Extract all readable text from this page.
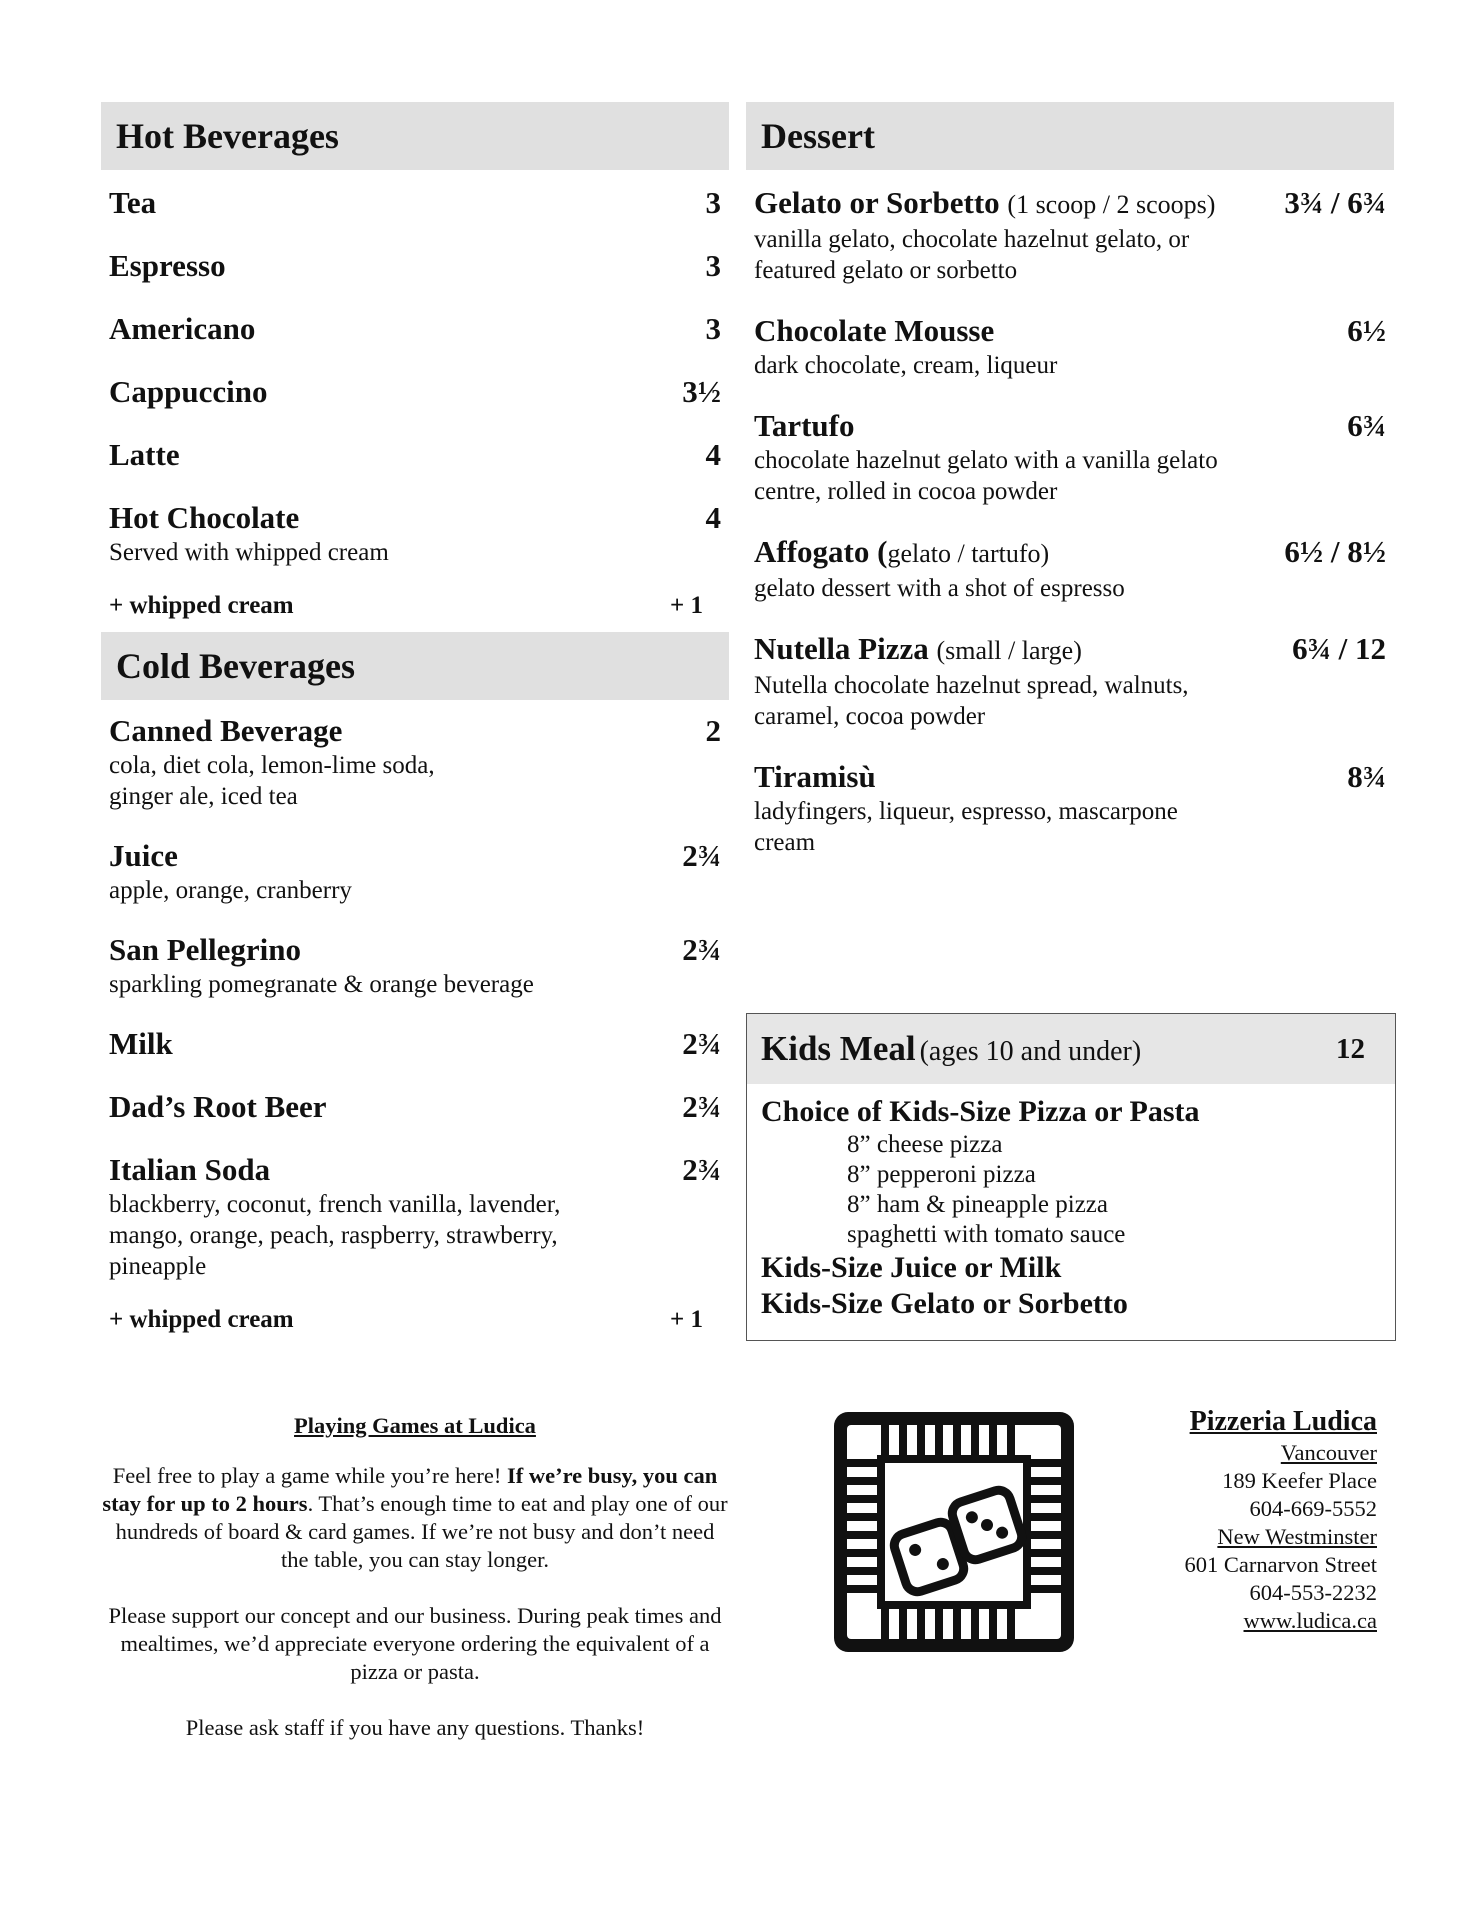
Hot Beverages
Tea	3
Espresso	3
Americano	3
Cappuccino	3½
Latte	4
Hot Chocolate	4
Served with whipped cream
+ whipped cream	+ 1
Cold Beverages
Canned Beverage	2
cola, diet cola, lemon-lime soda,
ginger ale, iced tea
Juice	2¾
apple, orange, cranberry
San Pellegrino	2¾
sparkling pomegranate & orange beverage
Milk	2¾
Dad’s Root Beer	2¾
Italian Soda	2¾
blackberry, coconut, french vanilla, lavender,
mango, orange, peach, raspberry, strawberry,
pineapple
+ whipped cream	+ 1
Dessert
Gelato or Sorbetto (1 scoop / 2 scoops) 3¾ / 6¾
vanilla gelato, chocolate hazelnut gelato, or
featured gelato or sorbetto
Chocolate Mousse	6½
dark chocolate, cream, liqueur
Tartufo	6¾
chocolate hazelnut gelato with a vanilla gelato
centre, rolled in cocoa powder
Affogato (gelato / tartufo)	6½ / 8½
gelato dessert with a shot of espresso
Nutella Pizza (small / large)	6¾ / 12
Nutella chocolate hazelnut spread, walnuts,
caramel, cocoa powder
Tiramisù	8¾
ladyfingers, liqueur, espresso, mascarpone
cream
Kids Meal (ages 10 and under)	12
Choice of Kids-Size Pizza or Pasta
8” cheese pizza
8” pepperoni pizza
8” ham & pineapple pizza
spaghetti with tomato sauce
Kids-Size Juice or Milk
Kids-Size Gelato or Sorbetto
Playing Games at Ludica

Feel free to play a game while you’re here! If we’re busy, you can stay for up to 2 hours. That’s enough time to eat and play one of our hundreds of board & card games. If we’re not busy and don’t need the table, you can stay longer.

Please support our concept and our business. During peak times and mealtimes, we’d appreciate everyone ordering the equivalent of a pizza or pasta.

Please ask staff if you have any questions. Thanks!

Pizzeria Ludica
Vancouver
189 Keefer Place
604-669-5552
New Westminster
601 Carnarvon Street
604-553-2232
www.ludica.ca
